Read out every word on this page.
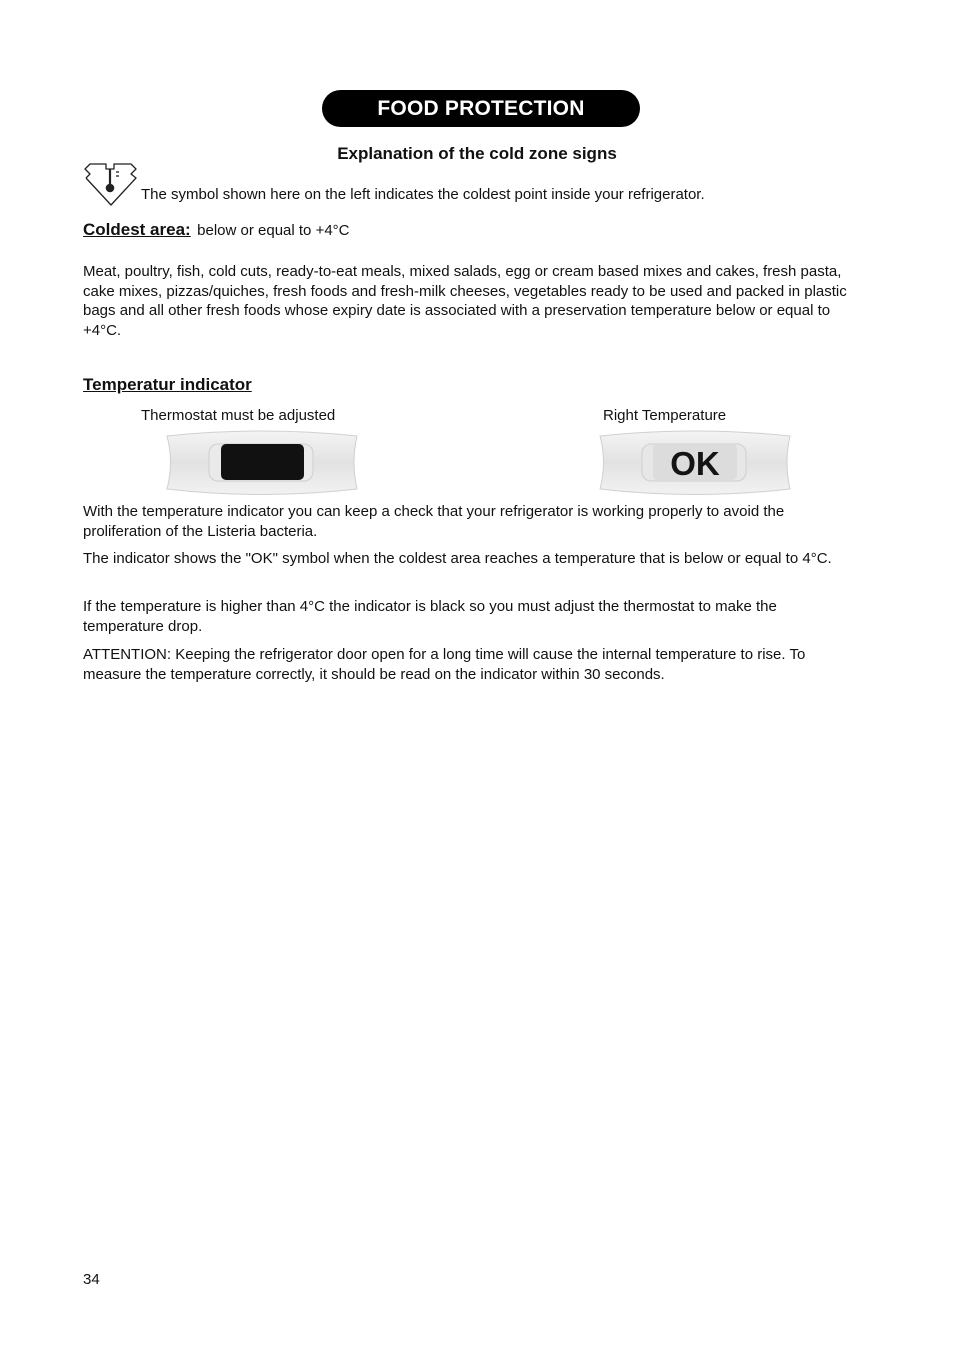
FOOD PROTECTION
Explanation of the cold zone signs
The symbol shown here on the left indicates the coldest point inside your refrigerator.
Coldest area: below or equal to +4°C

Meat, poultry, fish, cold cuts, ready-to-eat meals, mixed salads, egg or cream based mixes and cakes, fresh pasta, cake mixes, pizzas/quiches, fresh foods and fresh-milk cheeses, vegetables ready to be used and packed in plastic bags and all other fresh foods whose expiry date is associated with a preservation temperature below or equal to +4°C.

Temperatur indicator
Thermostat must be adjusted	Right Temperature
OK

With the temperature indicator you can keep a check that your refrigerator is working properly to avoid the proliferation of the Listeria bacteria.

The indicator shows the "OK" symbol when the coldest area reaches a temperature that is below or equal to 4°C.

If the temperature is higher than 4°C the indicator is black so you must adjust the thermostat to make the temperature drop.

ATTENTION: Keeping the refrigerator door open for a long time will cause the internal temperature to rise. To measure the temperature correctly, it should be read on the indicator within 30 seconds.

34
